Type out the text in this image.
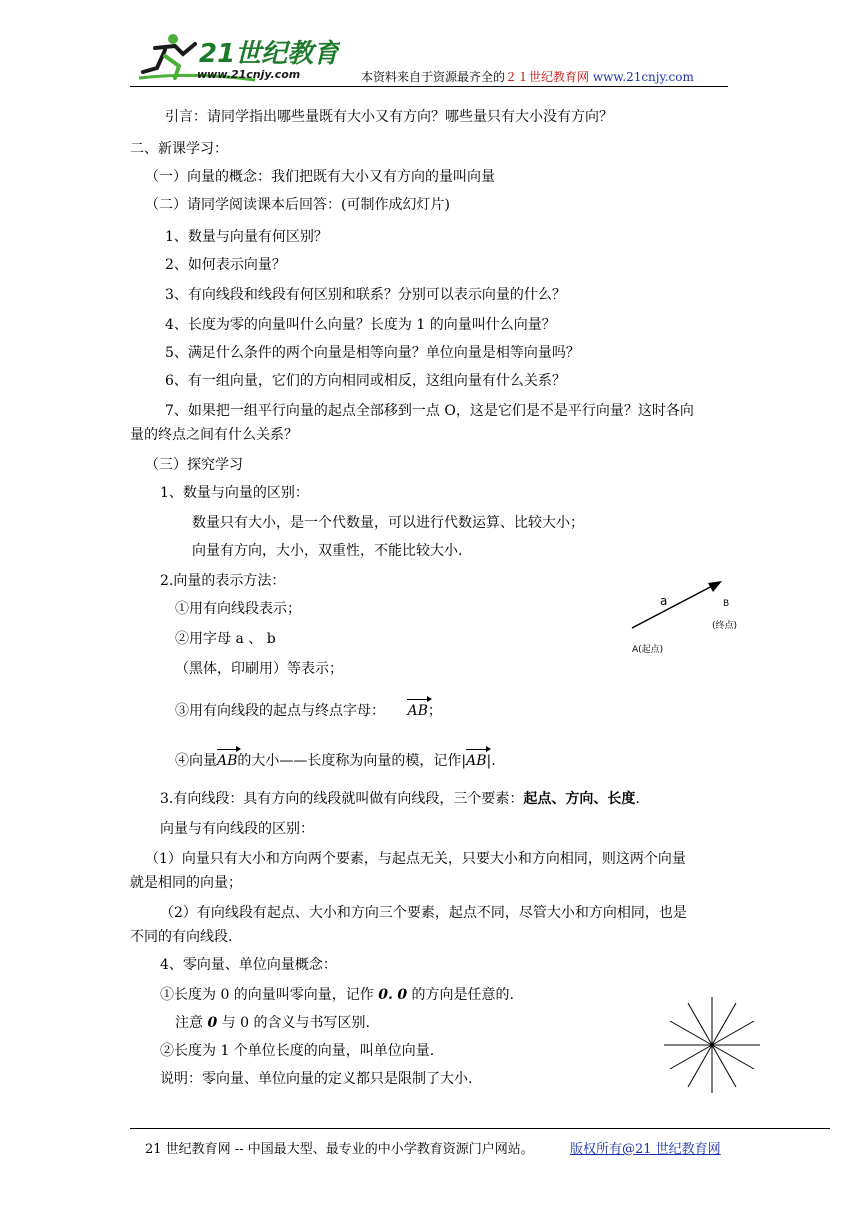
21世纪教育
www.21cnjy.com	本资料来自于资源最齐全的２１世纪教育网 www.21cnjy.com
引言：请同学指出哪些量既有大小又有方向？哪些量只有大小没有方向？
二、新课学习：
（一）向量的概念：我们把既有大小又有方向的量叫向量
（二）请同学阅读课本后回答：(可制作成幻灯片)
1、数量与向量有何区别？
2、如何表示向量？
3、有向线段和线段有何区别和联系？分别可以表示向量的什么？
4、长度为零的向量叫什么向量？长度为 1 的向量叫什么向量？
5、满足什么条件的两个向量是相等向量？单位向量是相等向量吗？
6、有一组向量，它们的方向相同或相反，这组向量有什么关系？
7、如果把一组平行向量的起点全部移到一点 O，这是它们是不是平行向量？这时各向
量的终点之间有什么关系？
（三）探究学习
1、数量与向量的区别：
数量只有大小，是一个代数量，可以进行代数运算、比较大小；
向量有方向，大小，双重性，不能比较大小.
2.向量的表示方法：
①用有向线段表示；
②用字母 a 、 b
（黑体，印刷用）等表示；
③用有向线段的起点与终点字母： AB；
④向量AB的大小——长度称为向量的模，记作|AB|.
3.有向线段：具有方向的线段就叫做有向线段，三个要素：起点、方向、长度.
向量与有向线段的区别：
（1）向量只有大小和方向两个要素，与起点无关，只要大小和方向相同，则这两个向量
就是相同的向量；
（2）有向线段有起点、大小和方向三个要素，起点不同，尽管大小和方向相同，也是
不同的有向线段.
4、零向量、单位向量概念：
①长度为 0 的向量叫零向量，记作 0. 0 的方向是任意的.
注意 0 与 0 的含义与书写区别.
②长度为 1 个单位长度的向量，叫单位向量.
说明：零向量、单位向量的定义都只是限制了大小.
a	B
(终点)
A(起点)
21 世纪教育网 -- 中国最大型、最专业的中小学教育资源门户网站。	版权所有@21 世纪教育网
